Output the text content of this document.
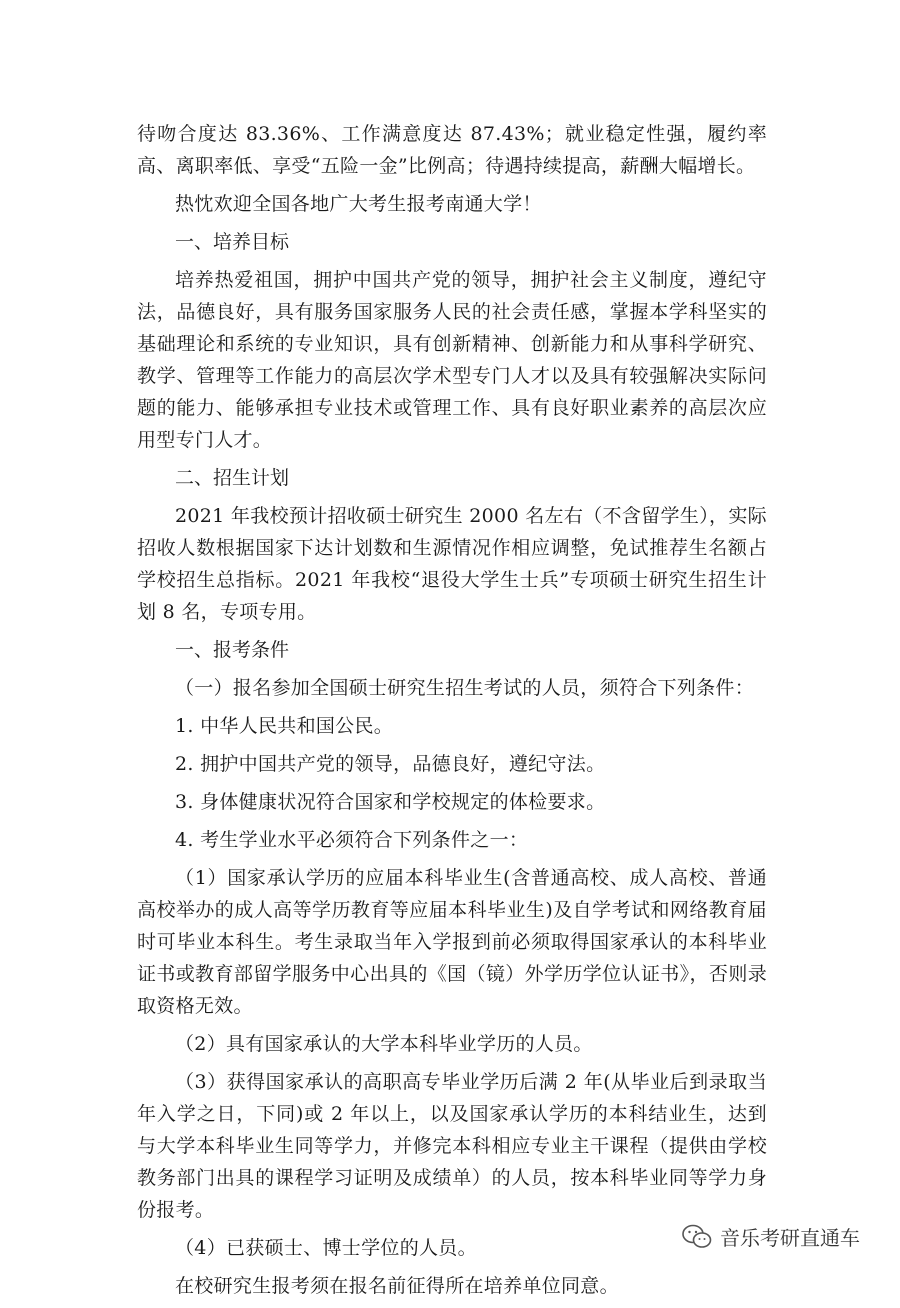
待吻合度达 83.36%、工作满意度达 87.43%；就业稳定性强，履约率高、离职率低、享受“五险一金”比例高；待遇持续提高，薪酬大幅增长。

热忱欢迎全国各地广大考生报考南通大学！

一、培养目标

培养热爱祖国，拥护中国共产党的领导，拥护社会主义制度，遵纪守法，品德良好，具有服务国家服务人民的社会责任感，掌握本学科坚实的基础理论和系统的专业知识，具有创新精神、创新能力和从事科学研究、教学、管理等工作能力的高层次学术型专门人才以及具有较强解决实际问题的能力、能够承担专业技术或管理工作、具有良好职业素养的高层次应用型专门人才。

二、招生计划

2021 年我校预计招收硕士研究生 2000 名左右（不含留学生），实际招收人数根据国家下达计划数和生源情况作相应调整，免试推荐生名额占学校招生总指标。2021 年我校“退役大学生士兵”专项硕士研究生招生计划 8 名，专项专用。

一、报考条件

（一）报名参加全国硕士研究生招生考试的人员，须符合下列条件：

1. 中华人民共和国公民。

2. 拥护中国共产党的领导，品德良好，遵纪守法。

3. 身体健康状况符合国家和学校规定的体检要求。

4. 考生学业水平必须符合下列条件之一：

（1）国家承认学历的应届本科毕业生(含普通高校、成人高校、普通高校举办的成人高等学历教育等应届本科毕业生)及自学考试和网络教育届时可毕业本科生。考生录取当年入学报到前必须取得国家承认的本科毕业证书或教育部留学服务中心出具的《国（镜）外学历学位认证书》，否则录取资格无效。

（2）具有国家承认的大学本科毕业学历的人员。

（3）获得国家承认的高职高专毕业学历后满 2 年(从毕业后到录取当年入学之日，下同)或 2 年以上，以及国家承认学历的本科结业生，达到与大学本科毕业生同等学力，并修完本科相应专业主干课程（提供由学校教务部门出具的课程学习证明及成绩单）的人员，按本科毕业同等学力身份报考。

（4）已获硕士、博士学位的人员。

在校研究生报考须在报名前征得所在培养单位同意。

音乐考研直通车
